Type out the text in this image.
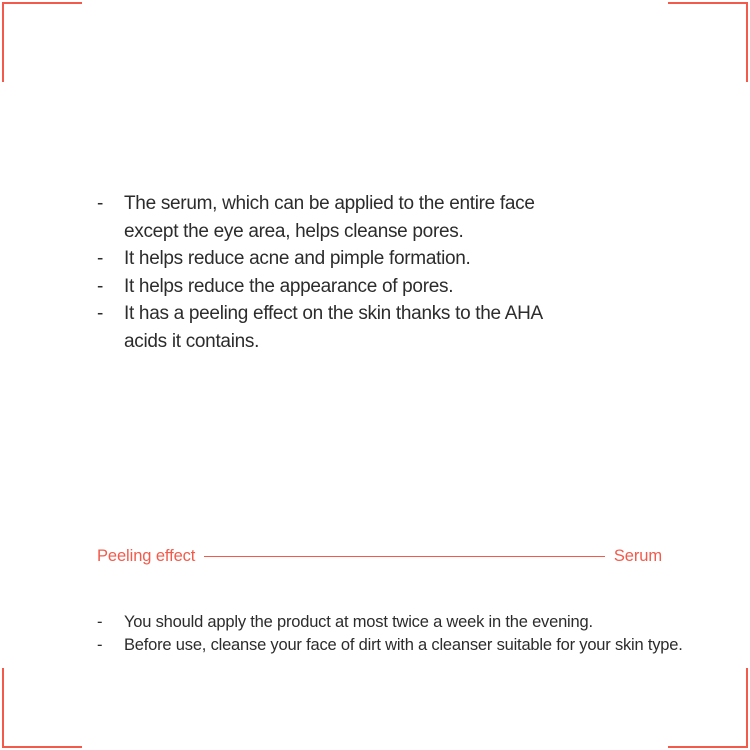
-	The serum, which can be applied to the entire face except the eye area, helps cleanse pores.
-	It helps reduce acne and pimple formation.
-	It helps reduce the appearance of pores.
-	It has a peeling effect on the skin thanks to the AHA acids it contains.
Peeling effect	Serum
-	You should apply the product at most twice a week in the evening.
-	Before use, cleanse your face of dirt with a cleanser suitable for your skin type.
